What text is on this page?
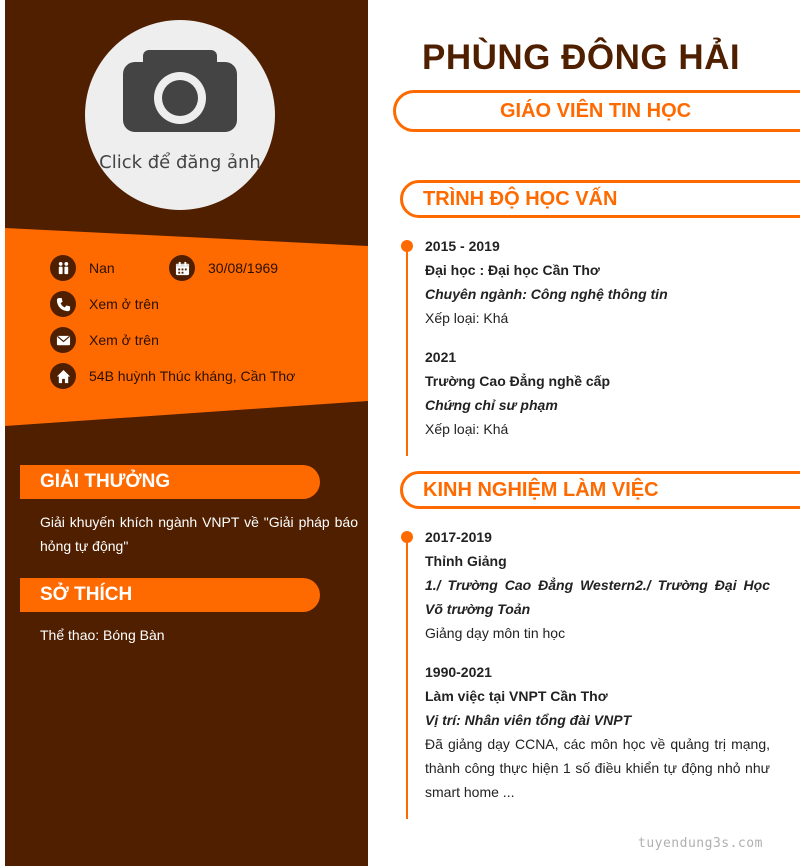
Click để đăng ảnh
Nan	30/08/1969
Xem ở trên
Xem ở trên
54B huỳnh Thúc kháng, Cần Thơ
GIẢI THƯỞNG
Giải khuyến khích ngành VNPT về "Giải pháp báo hỏng tự động"
SỞ THÍCH
Thể thao: Bóng Bàn
PHÙNG ĐÔNG HẢI
GIÁO VIÊN TIN HỌC
TRÌNH ĐỘ HỌC VẤN
2015 - 2019
Đại học : Đại học Cần Thơ
Chuyên ngành: Công nghệ thông tin
Xếp loại: Khá
2021
Trường Cao Đẳng nghề cấp
Chứng chỉ sư phạm
Xếp loại: Khá
KINH NGHIỆM LÀM VIỆC
2017-2019
Thỉnh Giảng
1./ Trường Cao Đẳng Western2./ Trường Đại Học Võ trường Toản
Giảng dạy môn tin học
1990-2021
Làm việc tại VNPT Cần Thơ
Vị trí: Nhân viên tổng đài VNPT
Đã giảng dạy CCNA, các môn học về quảng trị mạng, thành công thực hiện 1 số điều khiển tự động nhỏ như smart home ...
tuyendung3s.com
